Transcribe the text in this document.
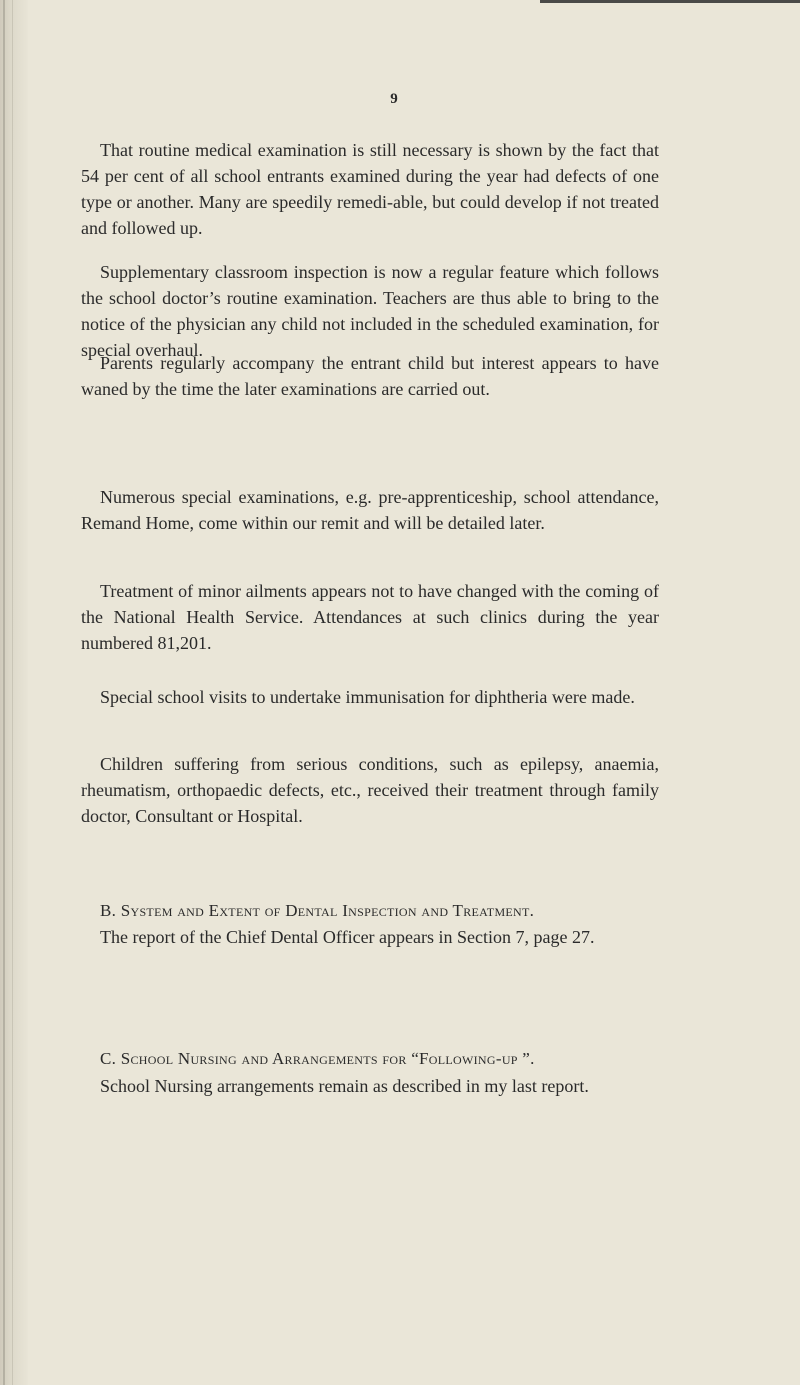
9

That routine medical examination is still necessary is shown by the fact that 54 per cent of all school entrants examined during the year had defects of one type or another. Many are speedily remedi-able, but could develop if not treated and followed up.

Supplementary classroom inspection is now a regular feature which follows the school doctor’s routine examination. Teachers are thus able to bring to the notice of the physician any child not included in the scheduled examination, for special overhaul.

Parents regularly accompany the entrant child but interest appears to have waned by the time the later examinations are carried out.

Numerous special examinations, e.g. pre-apprenticeship, school attendance, Remand Home, come within our remit and will be detailed later.

Treatment of minor ailments appears not to have changed with the coming of the National Health Service. Attendances at such clinics during the year numbered 81,201.

Special school visits to undertake immunisation for diphtheria were made.

Children suffering from serious conditions, such as epilepsy, anaemia, rheumatism, orthopaedic defects, etc., received their treatment through family doctor, Consultant or Hospital.

B. System and Extent of Dental Inspection and Treatment.

The report of the Chief Dental Officer appears in Section 7, page 27.

C. School Nursing and Arrangements for “Following-up ”.

School Nursing arrangements remain as described in my last report.
